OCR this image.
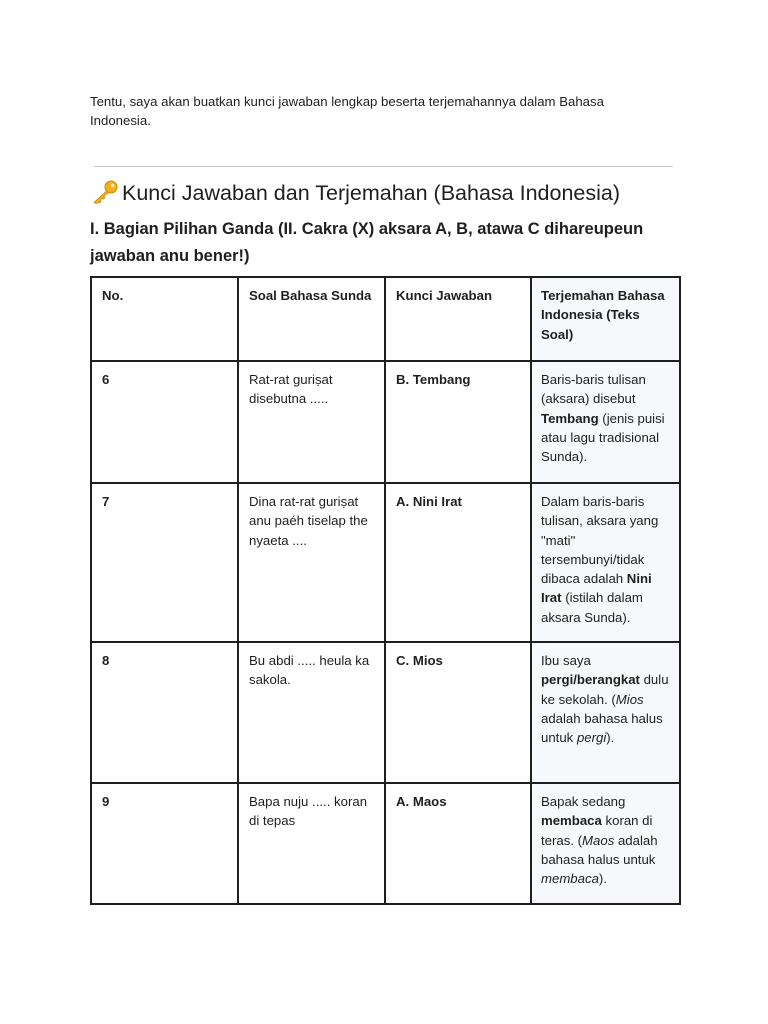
Tentu, saya akan buatkan kunci jawaban lengkap beserta terjemahannya dalam Bahasa Indonesia.
Kunci Jawaban dan Terjemahan (Bahasa Indonesia)
I. Bagian Pilihan Ganda (II. Cakra (X) aksara A, B, atawa C dihareupeun jawaban anu bener!)
No.	Soal Bahasa Sunda	Kunci Jawaban	Terjemahan Bahasa Indonesia (Teks Soal)
6	Rat-rat guriṣat disebutna .....	B. Tembang	Baris-baris tulisan (aksara) disebut Tembang (jenis puisi atau lagu tradisional Sunda).
7	Dina rat-rat guriṣat anu paéh tiselap the nyaeta ....	A. Nini Irat	Dalam baris-baris tulisan, aksara yang "mati" tersembunyi/tidak dibaca adalah Nini Irat (istilah dalam aksara Sunda).
8	Bu abdi ..... heula ka sakola.	C. Mios	Ibu saya pergi/berangkat dulu ke sekolah. (Mios adalah bahasa halus untuk pergi).
9	Bapa nuju ..... koran di tepas	A. Maos	Bapak sedang membaca koran di teras. (Maos adalah bahasa halus untuk membaca).
